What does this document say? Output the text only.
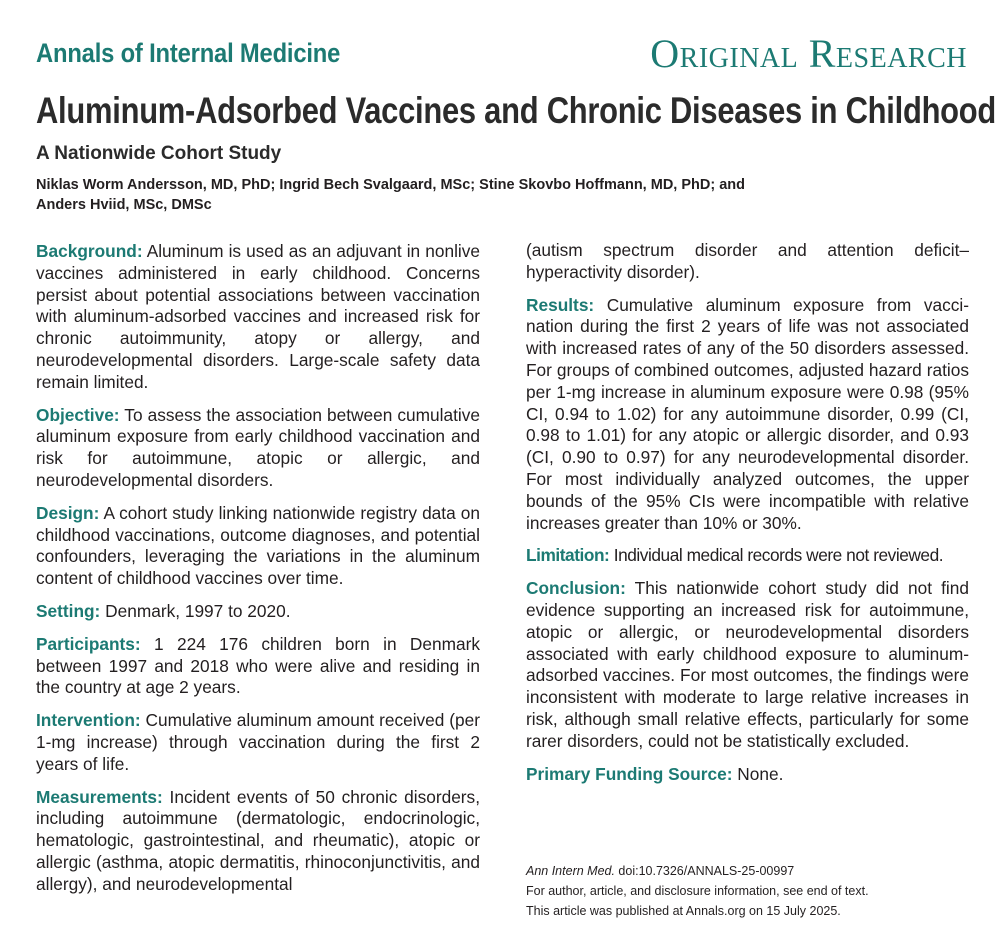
Annals of Internal Medicine	Original Research
Aluminum-Adsorbed Vaccines and Chronic Diseases in Childhood
A Nationwide Cohort Study
Niklas Worm Andersson, MD, PhD; Ingrid Bech Svalgaard, MSc; Stine Skovbo Hoffmann, MD, PhD; and
Anders Hviid, MSc, DMSc

Background: Aluminum is used as an adjuvant in nonlive vaccines administered in early childhood. Concerns persist about potential associations between vaccination with aluminum-adsorbed vaccines and increased risk for chronic autoimmunity, atopy or allergy, and neurodevelopmental disorders. Large-scale safety data remain limited.

Objective: To assess the association between cumulative aluminum exposure from early childhood vaccination and risk for autoimmune, atopic or allergic, and neurodevelopmental disorders.

Design: A cohort study linking nationwide registry data on childhood vaccinations, outcome diagnoses, and potential confounders, leveraging the variations in the aluminum content of childhood vaccines over time.

Setting: Denmark, 1997 to 2020.

Participants: 1 224 176 children born in Denmark between 1997 and 2018 who were alive and residing in the country at age 2 years.

Intervention: Cumulative aluminum amount received (per 1-mg increase) through vaccination during the first 2 years of life.

Measurements: Incident events of 50 chronic disorders, including autoimmune (dermatologic, endocrinologic, hematologic, gastrointestinal, and rheumatic), atopic or allergic (asthma, atopic dermatitis, rhinoconjunctivitis, and allergy), and neurodevelopmental

(autism spectrum disorder and attention deficit–hyperactivity disorder).

Results: Cumulative aluminum exposure from vaccination during the first 2 years of life was not associated with increased rates of any of the 50 disorders assessed. For groups of combined outcomes, adjusted hazard ratios per 1-mg increase in aluminum exposure were 0.98 (95% CI, 0.94 to 1.02) for any autoimmune disorder, 0.99 (CI, 0.98 to 1.01) for any atopic or allergic disorder, and 0.93 (CI, 0.90 to 0.97) for any neurodevelopmental disorder. For most individually analyzed outcomes, the upper bounds of the 95% CIs were incompatible with relative increases greater than 10% or 30%.

Limitation: Individual medical records were not reviewed.

Conclusion: This nationwide cohort study did not find evidence supporting an increased risk for autoimmune, atopic or allergic, or neurodevelopmental disorders associated with early childhood exposure to aluminum-adsorbed vaccines. For most outcomes, the findings were inconsistent with moderate to large relative increases in risk, although small relative effects, particularly for some rarer disorders, could not be statistically excluded.

Primary Funding Source: None.

Ann Intern Med. doi:10.7326/ANNALS-25-00997
For author, article, and disclosure information, see end of text.
This article was published at Annals.org on 15 July 2025.
